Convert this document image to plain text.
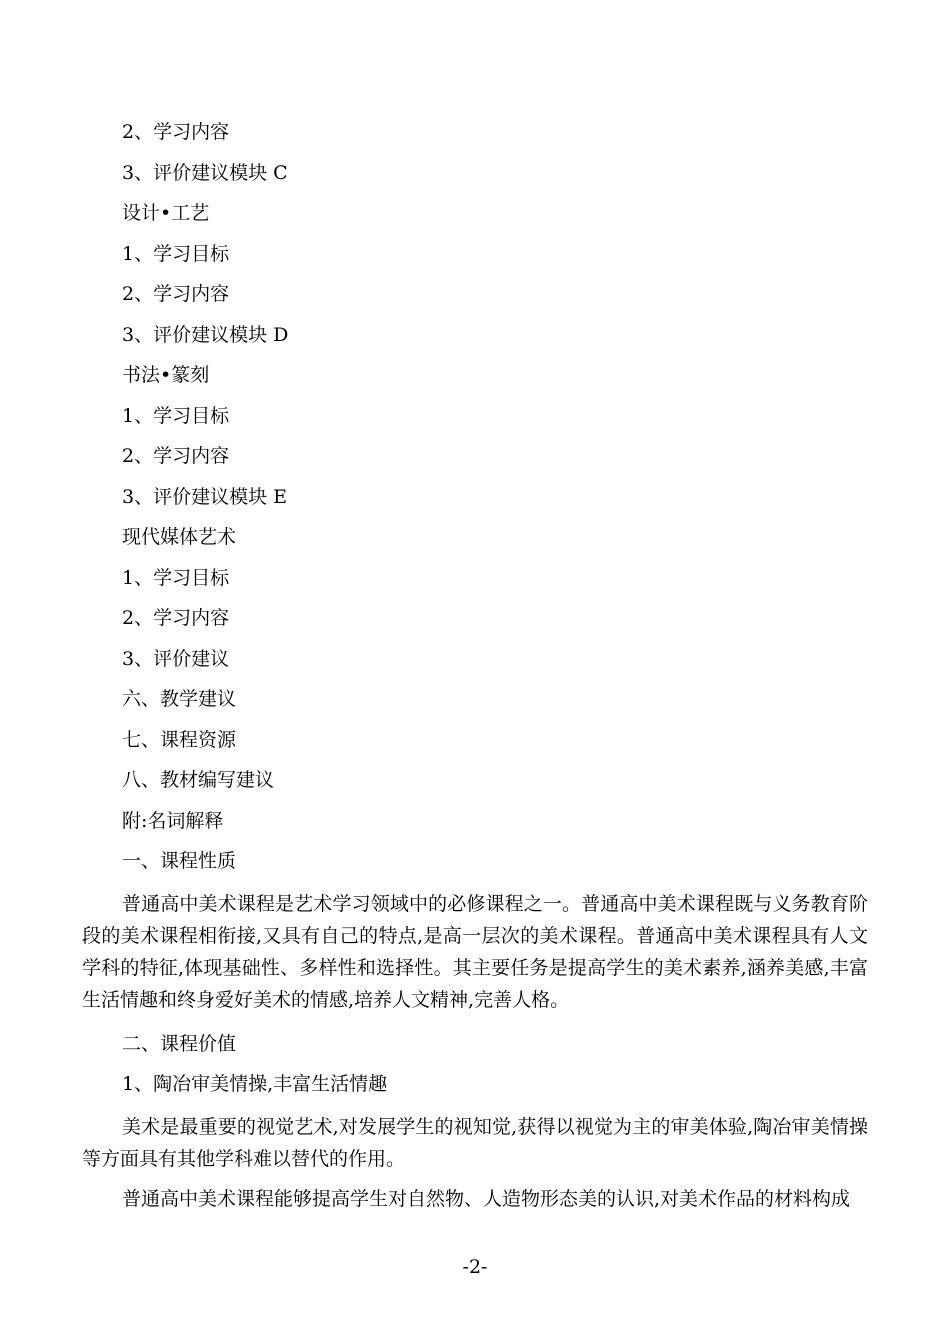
2、学习内容
3、评价建议模块 C
设计•工艺
1、学习目标
2、学习内容
3、评价建议模块 D
书法•篆刻
1、学习目标
2、学习内容
3、评价建议模块 E
现代媒体艺术
1、学习目标
2、学习内容
3、评价建议
六、教学建议
七、课程资源
八、教材编写建议
附:名词解释
一、课程性质

普通高中美术课程是艺术学习领域中的必修课程之一。普通高中美术课程既与义务教育阶段的美术课程相衔接,又具有自己的特点,是高一层次的美术课程。普通高中美术课程具有人文学科的特征,体现基础性、多样性和选择性。其主要任务是提高学生的美术素养,涵养美感,丰富生活情趣和终身爱好美术的情感,培养人文精神,完善人格。

二、课程价值
1、陶冶审美情操,丰富生活情趣

美术是最重要的视觉艺术,对发展学生的视知觉,获得以视觉为主的审美体验,陶冶审美情操等方面具有其他学科难以替代的作用。

普通高中美术课程能够提高学生对自然物、人造物形态美的认识,对美术作品的材料构成

-2-
